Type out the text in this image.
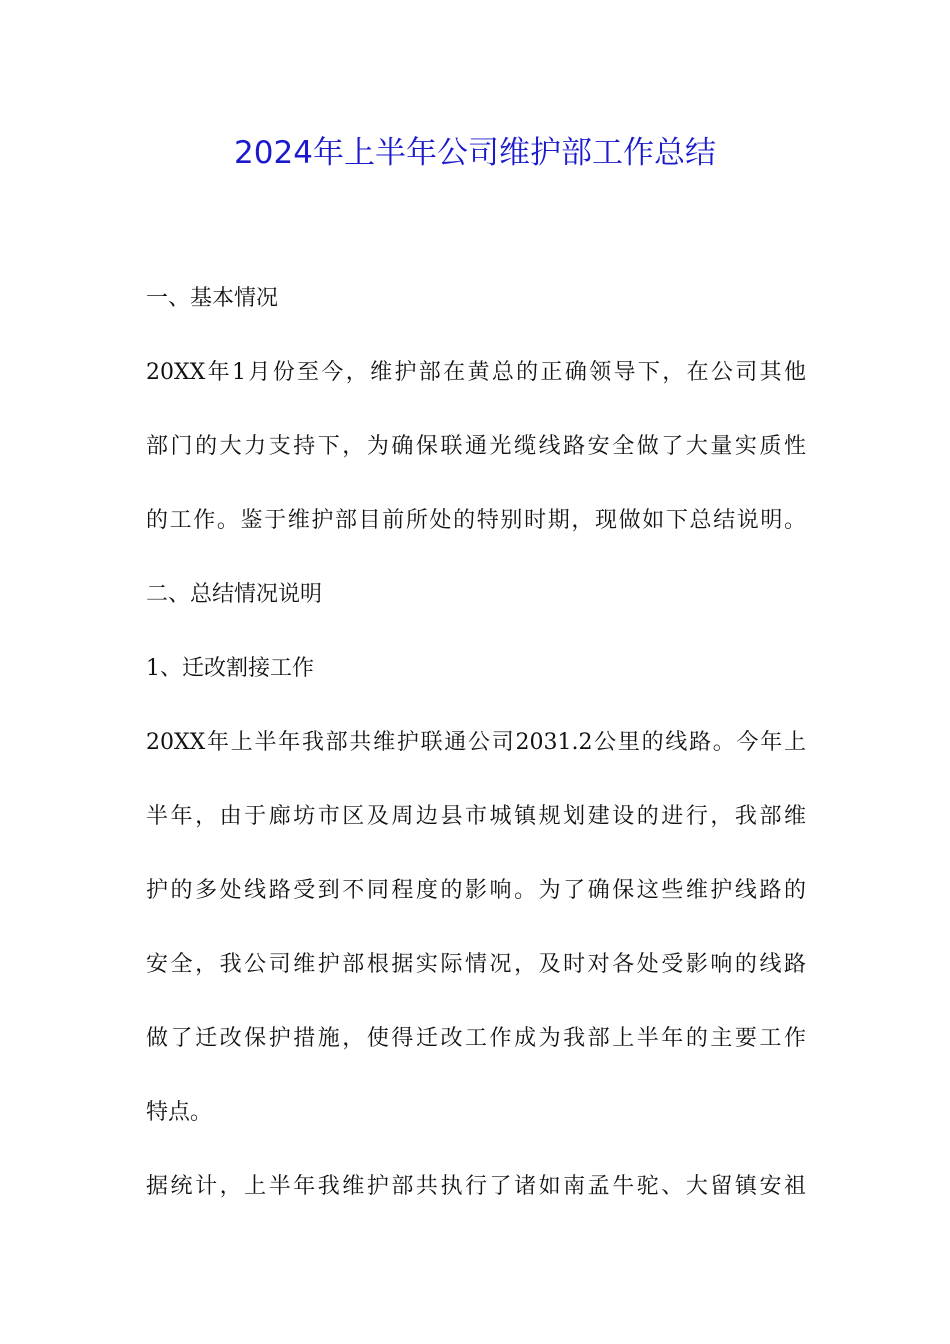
2024年上半年公司维护部工作总结
一、基本情况
20XX年1月份至今，维护部在黄总的正确领导下，在公司其他
部门的大力支持下，为确保联通光缆线路安全做了大量实质性
的工作。鉴于维护部目前所处的特别时期，现做如下总结说明。
二、总结情况说明
1、迁改割接工作
20XX年上半年我部共维护联通公司2031.2公里的线路。今年上
半年，由于廊坊市区及周边县市城镇规划建设的进行，我部维
护的多处线路受到不同程度的影响。为了确保这些维护线路的
安全，我公司维护部根据实际情况，及时对各处受影响的线路
做了迁改保护措施，使得迁改工作成为我部上半年的主要工作
特点。
据统计，上半年我维护部共执行了诸如南孟牛驼、大留镇安祖
